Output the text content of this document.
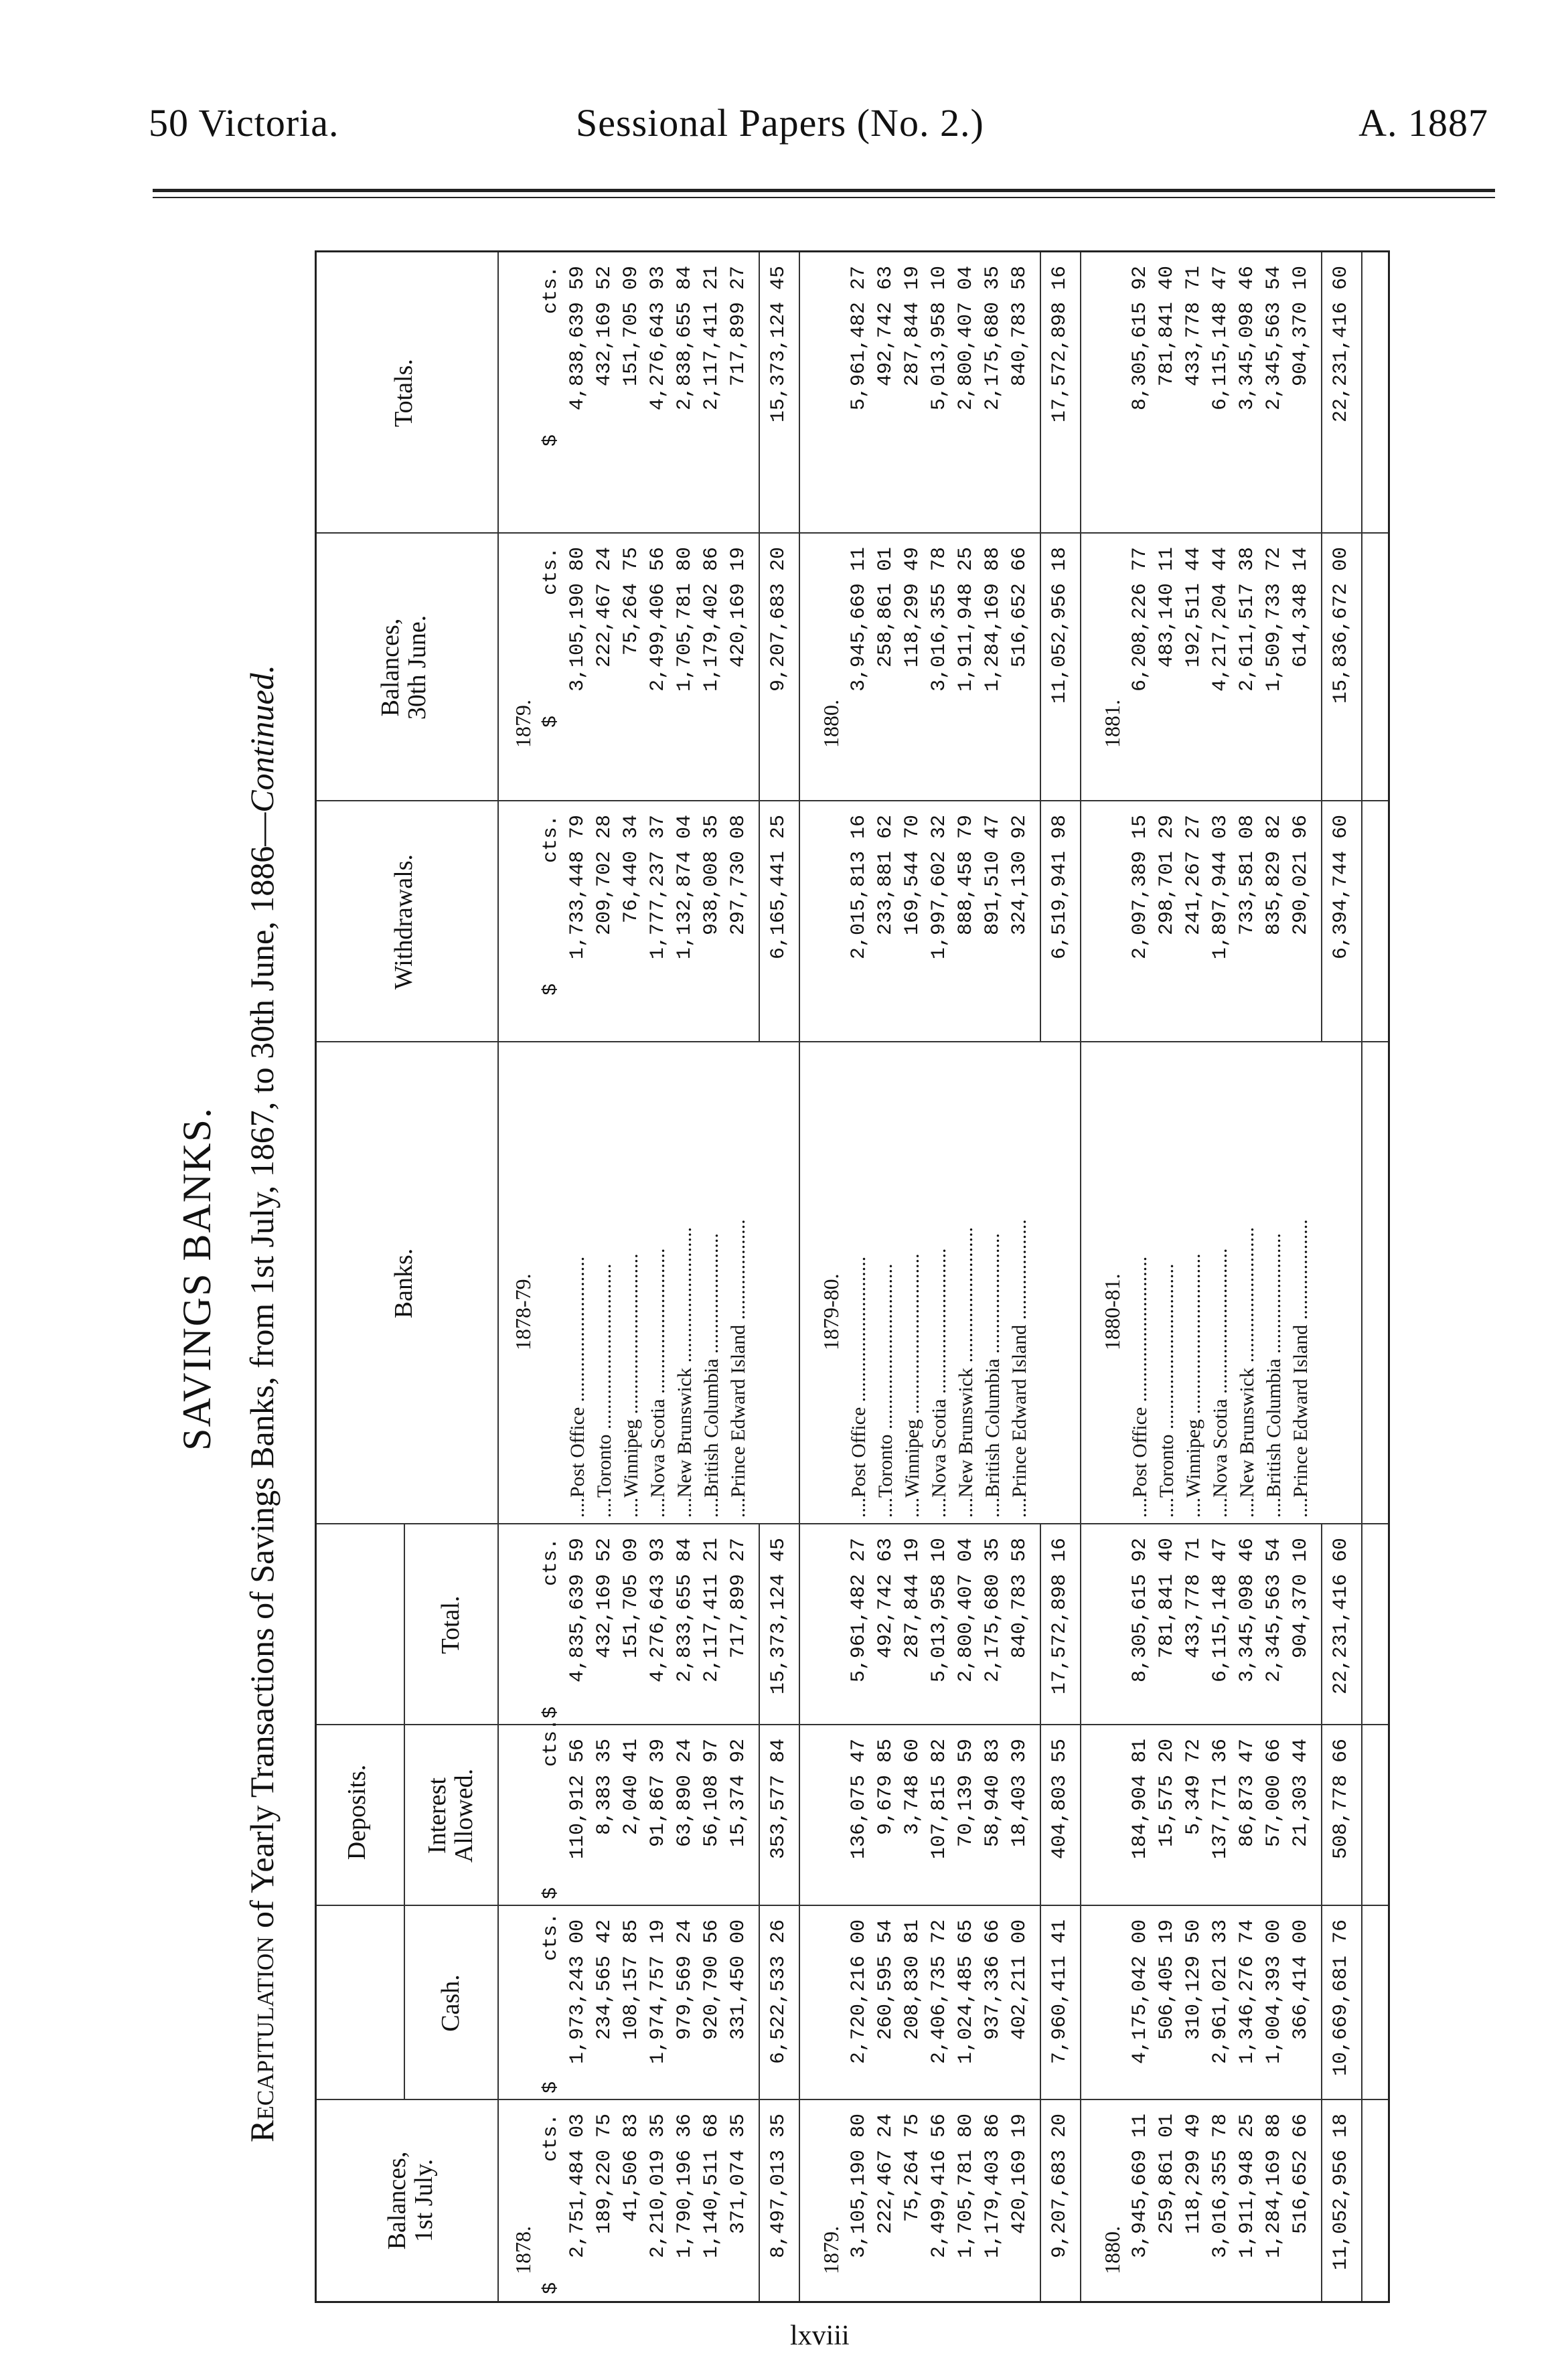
50 Victoria.	Sessional Papers (No. 2.)	A. 1887
SAVINGS BANKS.
Recapitulation of Yearly Transactions of Savings Banks, from 1st July, 1867, to 30th June, 1886—Continued.
Balances,
1st July.
Deposits.
Cash.
Interest
Allowed.
Total.
Banks.
Withdrawals.
Balances,
30th June.
Totals.
1878.
1878-79.
1879.
$          cts.
$          cts.
$          cts.
$          cts.
$          cts.
$          cts.
$          cts.
2,751,484 03
1,973,243 00
110,912 56
4,835,639 59
1,733,448 79
3,105,190 80
4,838,639 59
....Post Office .............................
189,220 75
234,565 42
8,383 35
432,169 52
209,702 28
222,467 24
432,169 52
....Toronto .................................
41,506 83
108,157 85
2,040 41
151,705 09
76,440 34
75,264 75
151,705 09
....Winnipeg ................................
2,210,019 35
1,974,757 19
91,867 39
4,276,643 93
1,777,237 37
2,499,406 56
4,276,643 93
....Nova Scotia .............................
1,790,196 36
979,569 24
63,890 24
2,833,655 84
1,132,874 04
1,705,781 80
2,838,655 84
....New Brunswick ...........................
1,140,511 68
920,790 56
56,108 97
2,117,411 21
938,008 35
1,179,402 86
2,117,411 21
....British Columbia ........................
371,074 35
331,450 00
15,374 92
717,899 27
297,730 08
420,169 19
717,899 27
....Prince Edward Island ....................
8,497,013 35
6,522,533 26
353,577 84
15,373,124 45
6,165,441 25
9,207,683 20
15,373,124 45
1879.
1879-80.
1880.
3,105,190 80
2,720,216 00
136,075 47
5,961,482 27
2,015,813 16
3,945,669 11
5,961,482 27
....Post Office .............................
222,467 24
260,595 54
9,679 85
492,742 63
233,881 62
258,861 01
492,742 63
....Toronto .................................
75,264 75
208,830 81
3,748 60
287,844 19
169,544 70
118,299 49
287,844 19
....Winnipeg ................................
2,499,416 56
2,406,735 72
107,815 82
5,013,958 10
1,997,602 32
3,016,355 78
5,013,958 10
....Nova Scotia .............................
1,705,781 80
1,024,485 65
70,139 59
2,800,407 04
888,458 79
1,911,948 25
2,800,407 04
....New Brunswick ...........................
1,179,403 86
937,336 66
58,940 83
2,175,680 35
891,510 47
1,284,169 88
2,175,680 35
....British Columbia ........................
420,169 19
402,211 00
18,403 39
840,783 58
324,130 92
516,652 66
840,783 58
....Prince Edward Island ....................
9,207,683 20
7,960,411 41
404,803 55
17,572,898 16
6,519,941 98
11,052,956 18
17,572,898 16
1880.
1880-81.
1881.
3,945,669 11
4,175,042 00
184,904 81
8,305,615 92
2,097,389 15
6,208,226 77
8,305,615 92
....Post Office .............................
259,861 01
506,405 19
15,575 20
781,841 40
298,701 29
483,140 11
781,841 40
....Toronto .................................
118,299 49
310,129 50
5,349 72
433,778 71
241,267 27
192,511 44
433,778 71
....Winnipeg ................................
3,016,355 78
2,961,021 33
137,771 36
6,115,148 47
1,897,944 03
4,217,204 44
6,115,148 47
....Nova Scotia .............................
1,911,948 25
1,346,276 74
86,873 47
3,345,098 46
733,581 08
2,611,517 38
3,345,098 46
....New Brunswick ...........................
1,284,169 88
1,004,393 00
57,000 66
2,345,563 54
835,829 82
1,509,733 72
2,345,563 54
....British Columbia ........................
516,652 66
366,414 00
21,303 44
904,370 10
290,021 96
614,348 14
904,370 10
....Prince Edward Island ....................
11,052,956 18
10,669,681 76
508,778 66
22,231,416 60
6,394,744 60
15,836,672 00
22,231,416 60
lxviii
